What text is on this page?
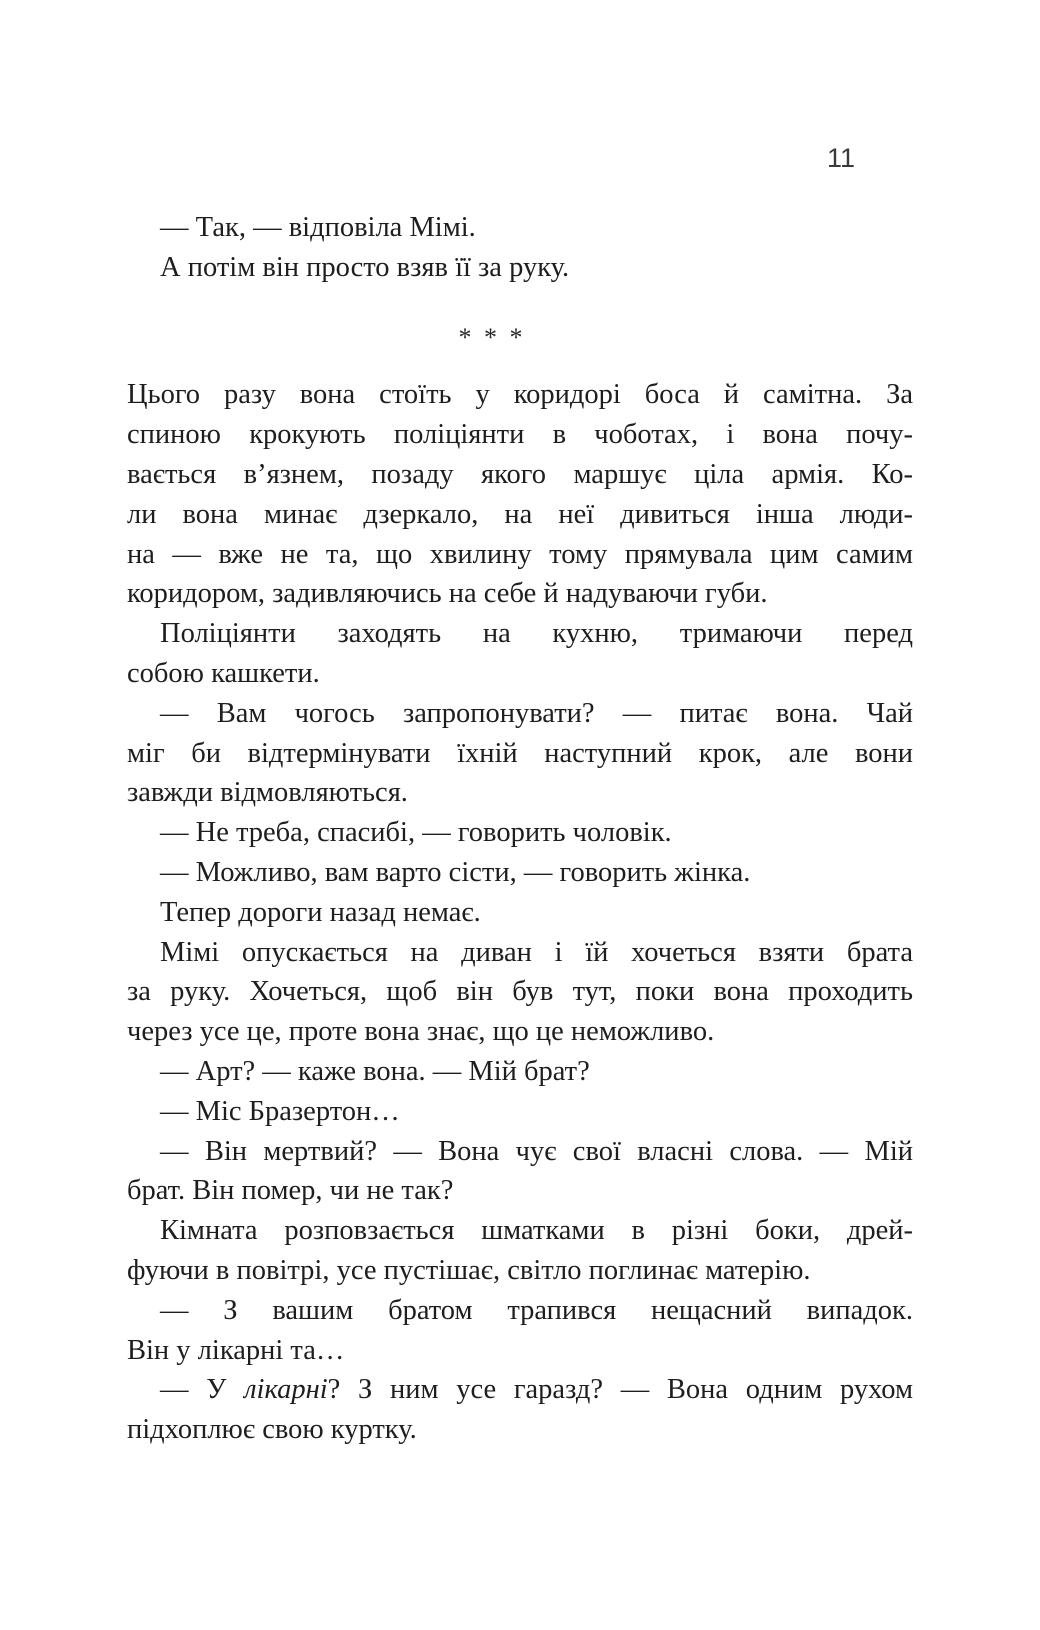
11
— Так, — відповіла Мімі.
А потім він просто взяв її за руку.
* * *
Цього разу вона стоїть у коридорі боса й самітна. За
спиною крокують поліціянти в чоботах, і вона почу-
вається в’язнем, позаду якого маршує ціла армія. Ко-
ли вона минає дзеркало, на неї дивиться інша люди-
на — вже не та, що хвилину тому прямувала цим самим
коридором, задивляючись на себе й надуваючи губи.
Поліціянти заходять на кухню, тримаючи перед
собою кашкети.
— Вам чогось запропонувати? — питає вона. Чай
міг би відтермінувати їхній наступний крок, але вони
завжди відмовляються.
— Не треба, спасибі, — говорить чоловік.
— Можливо, вам варто сісти, — говорить жінка.
Тепер дороги назад немає.
Мімі опускається на диван і їй хочеться взяти брата
за руку. Хочеться, щоб він був тут, поки вона проходить
через усе це, проте вона знає, що це неможливо.
— Арт? — каже вона. — Мій брат?
— Міс Бразертон…
— Він мертвий? — Вона чує свої власні слова. — Мій
брат. Він помер, чи не так?
Кімната розповзається шматками в різні боки, дрей-
фуючи в повітрі, усе пустішає, світло поглинає матерію.
— З вашим братом трапився нещасний випадок.
Він у лікарні та…
— У лікарні? З ним усе гаразд? — Вона одним рухом
підхоплює свою куртку.
